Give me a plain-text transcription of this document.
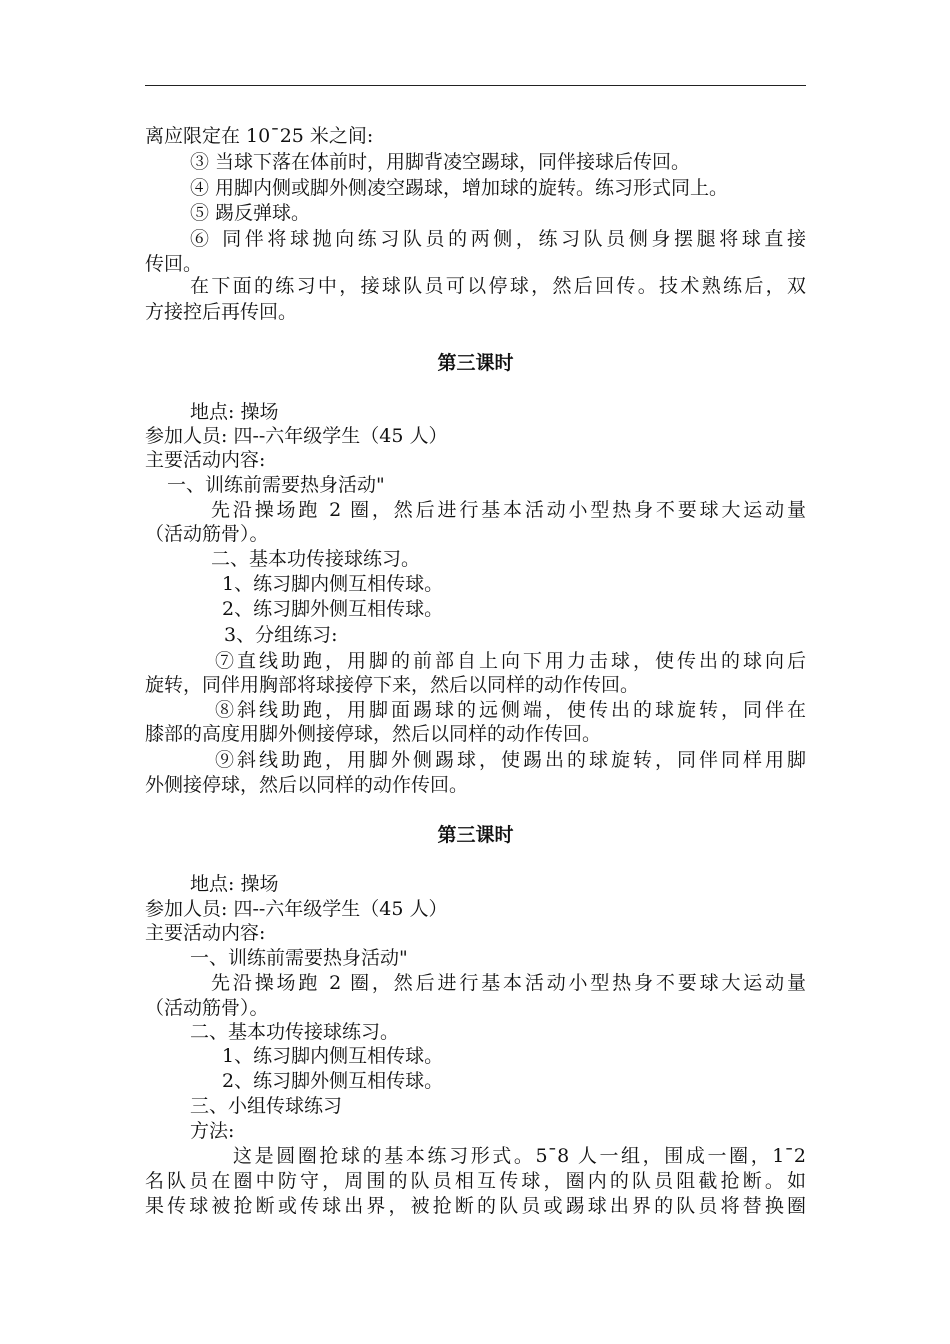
离应限定在 10¯25 米之间:
③ 当球下落在体前时，用脚背凌空踢球，同伴接球后传回。
④ 用脚内侧或脚外侧凌空踢球，增加球的旋转。练习形式同上。
⑤ 踢反弹球。
⑥ 同伴将球抛向练习队员的两侧，练习队员侧身摆腿将球直接
传回。
在下面的练习中，接球队员可以停球，然后回传。技术熟练后，双
方接控后再传回。
第三课时
地点: 操场
参加人员: 四--六年级学生（45 人）
主要活动内容:
一、训练前需要热身活动"
先沿操场跑 2 圈，然后进行基本活动小型热身不要球大运动量
（活动筋骨）。
二、基本功传接球练习。
1、练习脚内侧互相传球。
2、练习脚外侧互相传球。
3、分组练习:
⑦直线助跑，用脚的前部自上向下用力击球，使传出的球向后
旋转，同伴用胸部将球接停下来，然后以同样的动作传回。
⑧斜线助跑，用脚面踢球的远侧端，使传出的球旋转，同伴在
膝部的高度用脚外侧接停球，然后以同样的动作传回。
⑨斜线助跑，用脚外侧踢球，使踢出的球旋转，同伴同样用脚
外侧接停球，然后以同样的动作传回。
第三课时
地点: 操场
参加人员: 四--六年级学生（45 人）
主要活动内容:
一、训练前需要热身活动"
先沿操场跑 2 圈，然后进行基本活动小型热身不要球大运动量
（活动筋骨）。
二、基本功传接球练习。
1、练习脚内侧互相传球。
2、练习脚外侧互相传球。
三、小组传球练习
方法:
这是圆圈抢球的基本练习形式。5¯8 人一组，围成一圈，1¯2
名队员在圈中防守，周围的队员相互传球，圈内的队员阻截抢断。如
果传球被抢断或传球出界，被抢断的队员或踢球出界的队员将替换圈
